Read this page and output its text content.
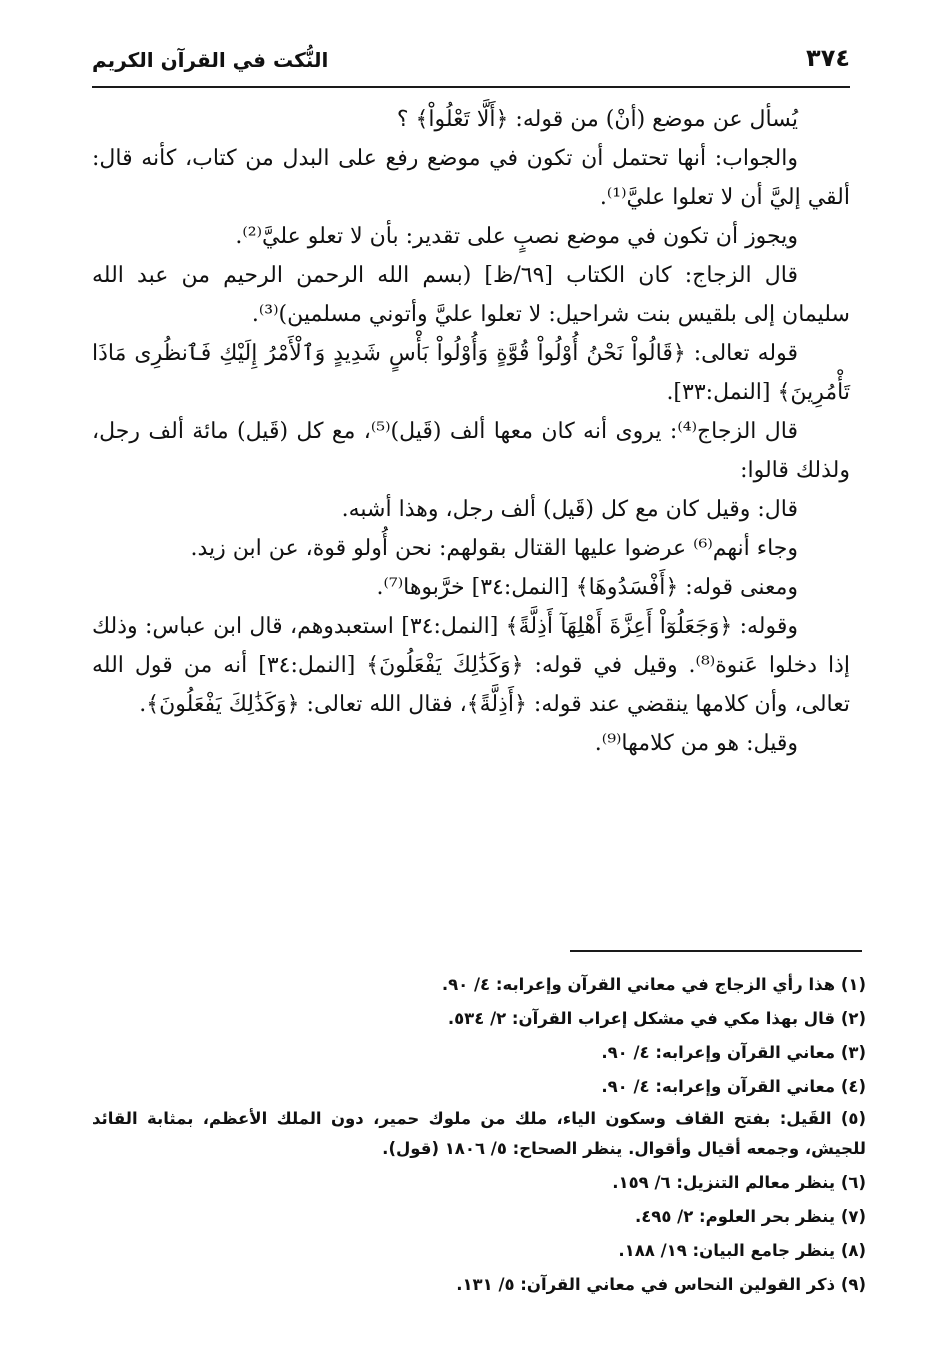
٣٧٤
النُّكت في القرآن الكريم

يُسأل عن موضع (أنْ) من قوله: ﴿أَلَّا تَعْلُواْ﴾ ؟

والجواب: أنها تحتمل أن تكون في موضع رفع على البدل من كتاب، كأنه قال: ألقي إليَّ أن لا تعلوا عليَّ⁽¹⁾.

ويجوز أن تكون في موضع نصبٍ على تقدير: بأن لا تعلو عليَّ⁽²⁾.

قال الزجاج: كان الكتاب [٦٩/ظ] (بسم الله الرحمن الرحيم من عبد الله سليمان إلى بلقيس بنت شراحيل: لا تعلوا عليَّ وأتوني مسلمين)⁽³⁾.

قوله تعالى: ﴿قَالُواْ نَحْنُ أُوْلُواْ قُوَّةٍ وَأُوْلُواْ بَأْسٍ شَدِيدٍ وَٱلْأَمْرُ إِلَيْكِ فَٱنظُرِى مَاذَا تَأْمُرِينَ﴾ [النمل:٣٣].

قال الزجاج⁽⁴⁾: يروى أنه كان معها ألف (قَيل)⁽⁵⁾، مع كل (قَيل) مائة ألف رجل، ولذلك قالوا:

قال: وقيل كان مع كل (قَيل) ألف رجل، وهذا أشبه.

وجاء أنهم⁽⁶⁾ عرضوا عليها القتال بقولهم: نحن أُولو قوة، عن ابن زيد.

ومعنى قوله: ﴿أَفْسَدُوهَا﴾ [النمل:٣٤] خرَّبوها⁽⁷⁾.

وقوله: ﴿وَجَعَلُوٓاْ أَعِزَّةَ أَهْلِهَآ أَذِلَّةً﴾ [النمل:٣٤] استعبدوهم، قال ابن عباس: وذلك إذا دخلوا عَنوة⁽⁸⁾. وقيل في قوله: ﴿وَكَذَٰلِكَ يَفْعَلُونَ﴾ [النمل:٣٤] أنه من قول الله تعالى، وأن كلامها ينقضي عند قوله: ﴿أَذِلَّةً﴾، فقال الله تعالى: ﴿وَكَذَٰلِكَ يَفْعَلُونَ﴾.

وقيل: هو من كلامها⁽⁹⁾.

(١) هذا رأي الزجاج في معاني القرآن وإعرابه: ٤/ ٩٠.

(٢) قال بهذا مكي في مشكل إعراب القرآن: ٢/ ٥٣٤.

(٣) معاني القرآن وإعرابه: ٤/ ٩٠.

(٤) معاني القرآن وإعرابه: ٤/ ٩٠.

(٥) القَيل: بفتح القاف وسكون الياء، ملك من ملوك حمير، دون الملك الأعظم، بمثابة القائد للجيش، وجمعه أقيال وأقوال. ينظر الصحاح: ٥/ ١٨٠٦ (قول).

(٦) ينظر معالم التنزيل: ٦/ ١٥٩.

(٧) ينظر بحر العلوم: ٢/ ٤٩٥.

(٨) ينظر جامع البيان: ١٩/ ١٨٨.

(٩) ذكر القولين النحاس في معاني القرآن: ٥/ ١٣١.
